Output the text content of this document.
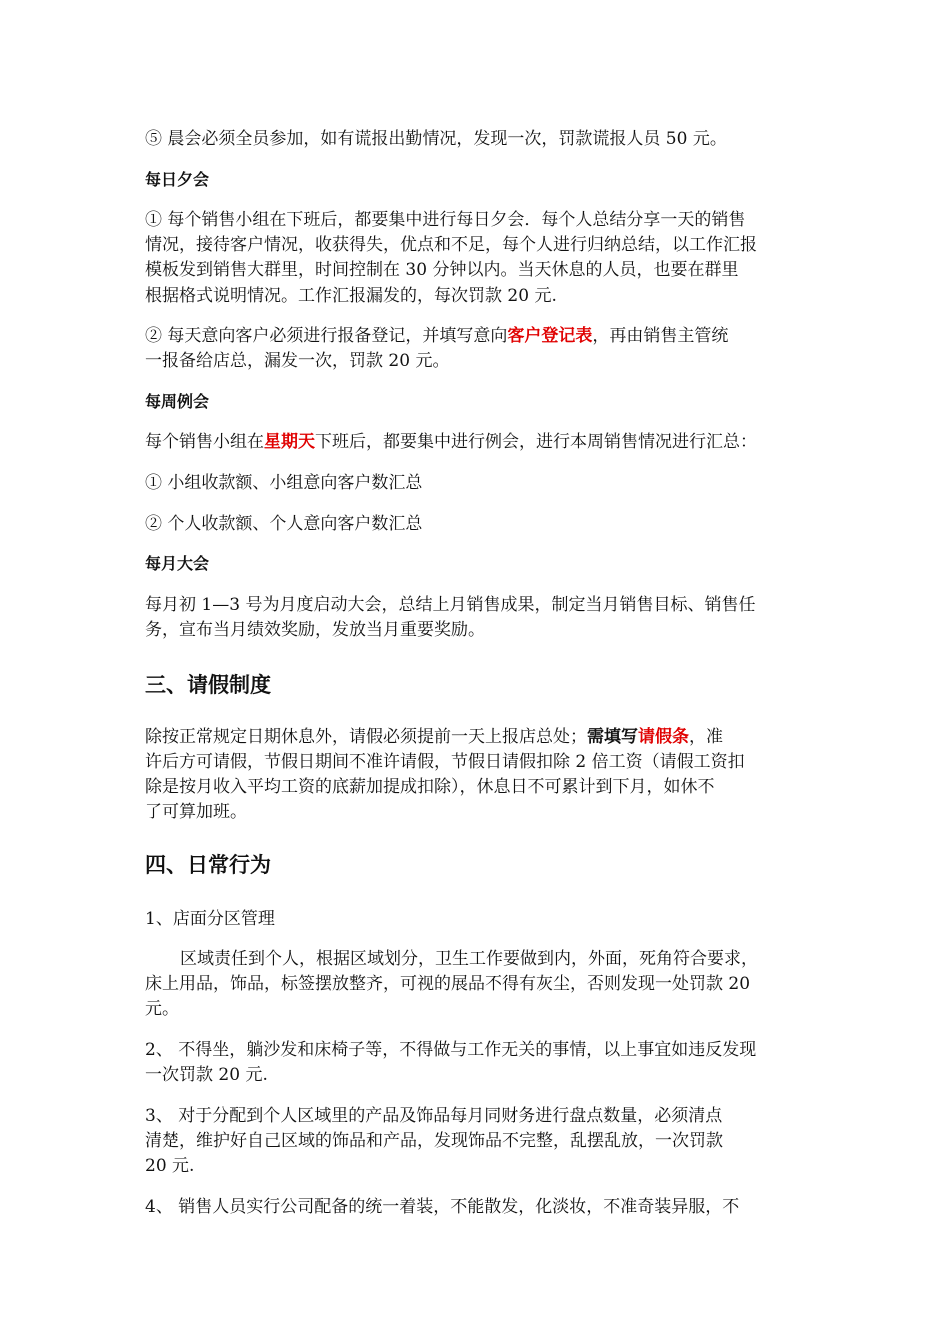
⑤ 晨会必须全员参加，如有谎报出勤情况，发现一次，罚款谎报人员 50 元。
每日夕会
① 每个销售小组在下班后，都要集中进行每日夕会．每个人总结分享一天的销售
情况，接待客户情况，收获得失，优点和不足，每个人进行归纳总结，以工作汇报
模板发到销售大群里，时间控制在 30 分钟以内。当天休息的人员，也要在群里
根据格式说明情况。工作汇报漏发的，每次罚款 20 元.
② 每天意向客户必须进行报备登记，并填写意向客户登记表，再由销售主管统
一报备给店总，漏发一次，罚款 20 元。
每周例会
每个销售小组在星期天下班后，都要集中进行例会，进行本周销售情况进行汇总：
① 小组收款额、小组意向客户数汇总
② 个人收款额、个人意向客户数汇总
每月大会
每月初 1—3 号为月度启动大会，总结上月销售成果，制定当月销售目标、销售任
务，宣布当月绩效奖励，发放当月重要奖励。
三、请假制度
除按正常规定日期休息外，请假必须提前一天上报店总处；需填写请假条，准
许后方可请假，节假日期间不准许请假，节假日请假扣除 2 倍工资（请假工资扣
除是按月收入平均工资的底薪加提成扣除），休息日不可累计到下月，如休不
了可算加班。
四、日常行为
1、店面分区管理
区域责任到个人，根据区域划分，卫生工作要做到内，外面，死角符合要求，
床上用品，饰品，标签摆放整齐，可视的展品不得有灰尘，否则发现一处罚款 20
元。
2、 不得坐，躺沙发和床椅子等，不得做与工作无关的事情，以上事宜如违反发现
一次罚款 20 元.
3、 对于分配到个人区域里的产品及饰品每月同财务进行盘点数量，必须清点
清楚，维护好自己区域的饰品和产品，发现饰品不完整，乱摆乱放，一次罚款
20 元.
4、 销售人员实行公司配备的统一着装，不能散发，化淡妆，不准奇装异服，不
